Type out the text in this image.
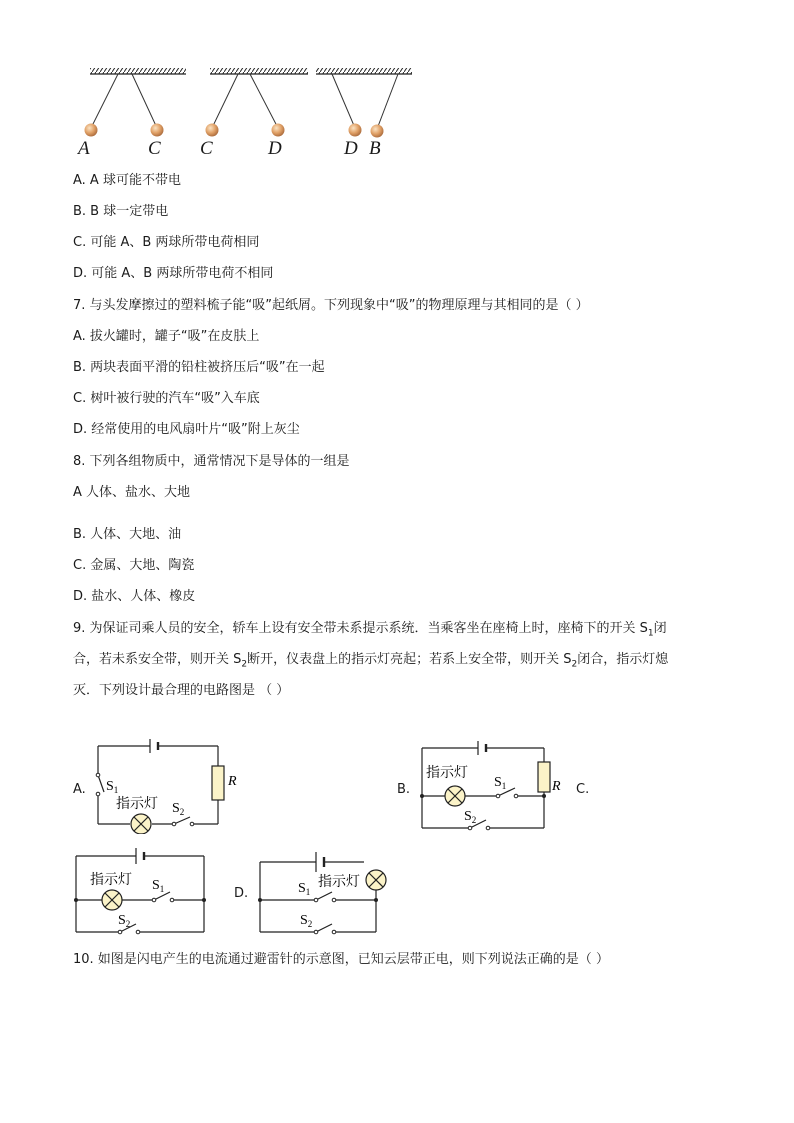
A	C C	D	D B
A. A 球可能不带电
B. B 球一定带电
C. 可能 A、B 两球所带电荷相同
D. 可能 A、B 两球所带电荷不相同
7. 与头发摩擦过的塑料梳子能“吸”起纸屑。下列现象中“吸”的物理原理与其相同的是（ ）
A. 拔火罐时，罐子“吸”在皮肤上
B. 两块表面平滑的铅柱被挤压后“吸”在一起
C. 树叶被行驶的汽车“吸”入车底
D. 经常使用的电风扇叶片“吸”附上灰尘
8. 下列各组物质中，通常情况下是导体的一组是
A 人体、盐水、大地
B. 人体、大地、油
C. 金属、大地、陶瓷
D. 盐水、人体、橡皮
9. 为保证司乘人员的安全，轿车上设有安全带未系提示系统．当乘客坐在座椅上时，座椅下的开关 $S_1$闭
合，若未系安全带，则开关 $S_2$断开，仪表盘上的指示灯亮起；若系上安全带，则开关 $S_2$闭合，指示灯熄
灭．下列设计最合理的电路图是 （ ）
A.
R
$S_1$
指示灯 $S_2$
B.
指示灯
R
$S_1$
$S_2$
C.
指示灯 $S_1$
$S_2$
D.
指示灯
$S_1$
$S_2$
10. 如图是闪电产生的电流通过避雷针的示意图，已知云层带正电，则下列说法正确的是（ ）
